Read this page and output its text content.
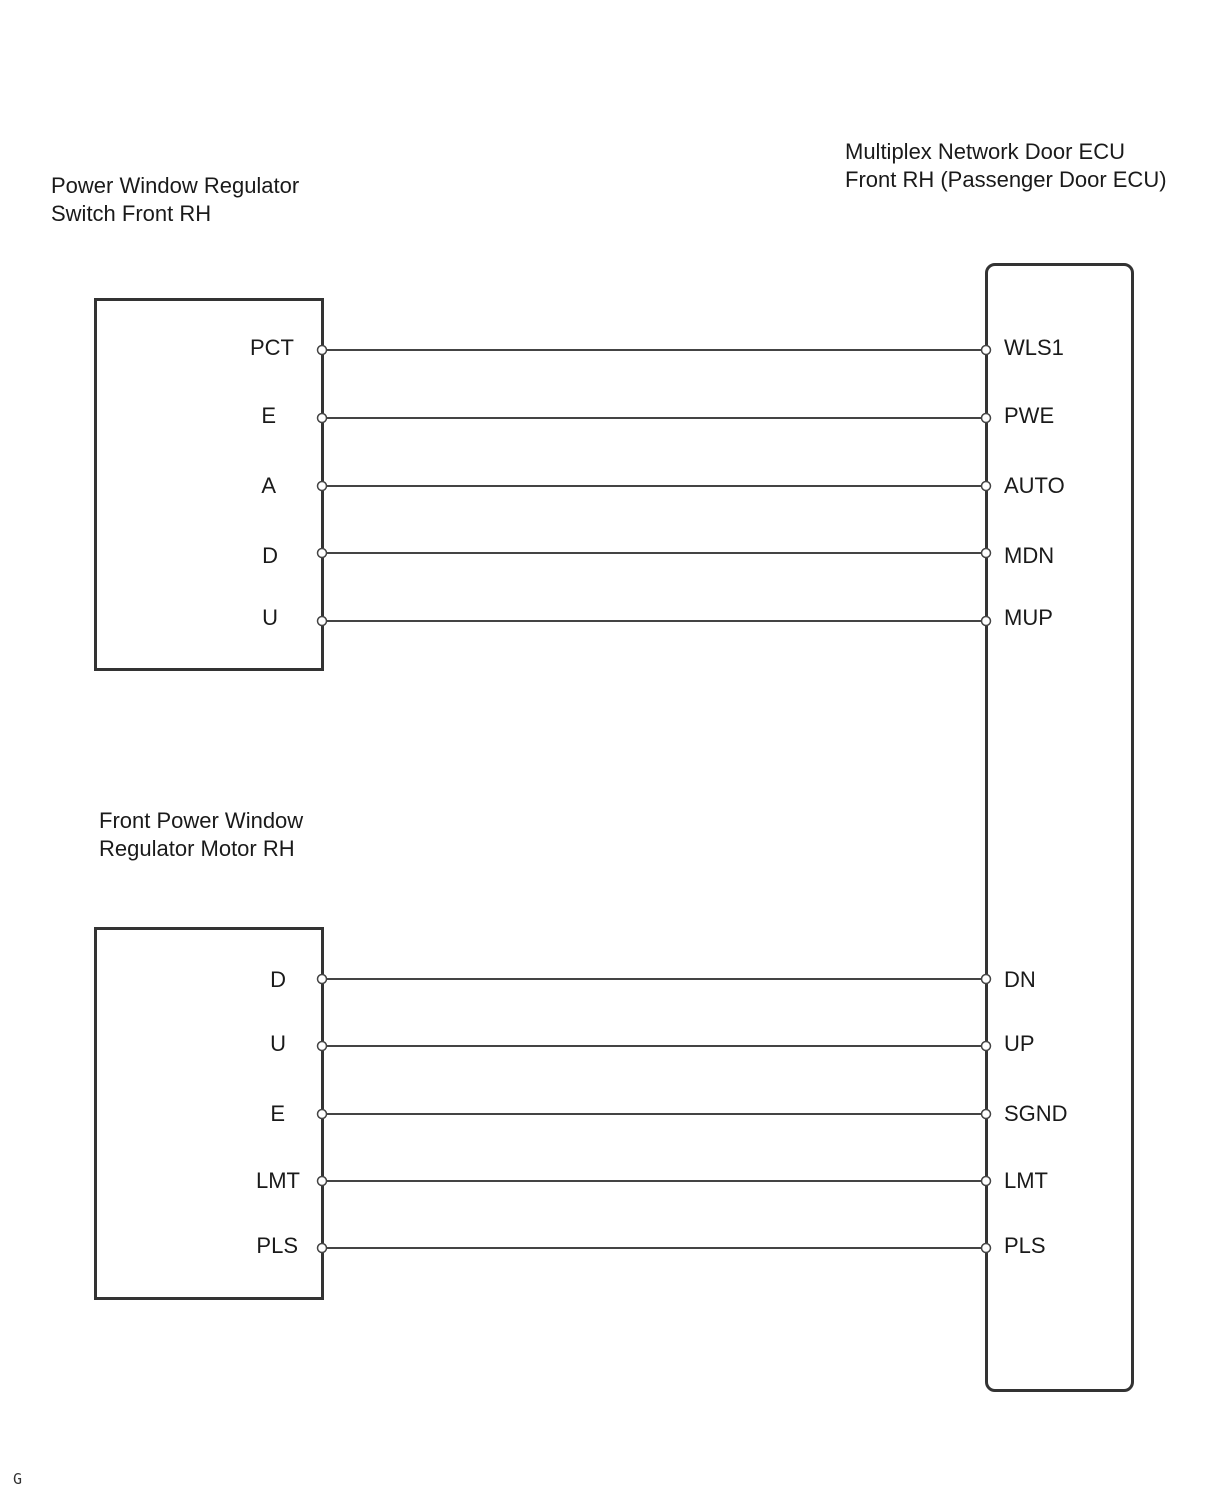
Multiplex Network Door ECU
Front RH (Passenger Door ECU)
Power Window Regulator
Switch Front RH
Front Power Window
Regulator Motor RH
PCT
E
A
D
U
D
U
E
LMT
PLS
WLS1
PWE
AUTO
MDN
MUP
DN
UP
SGND
LMT
PLS
G
